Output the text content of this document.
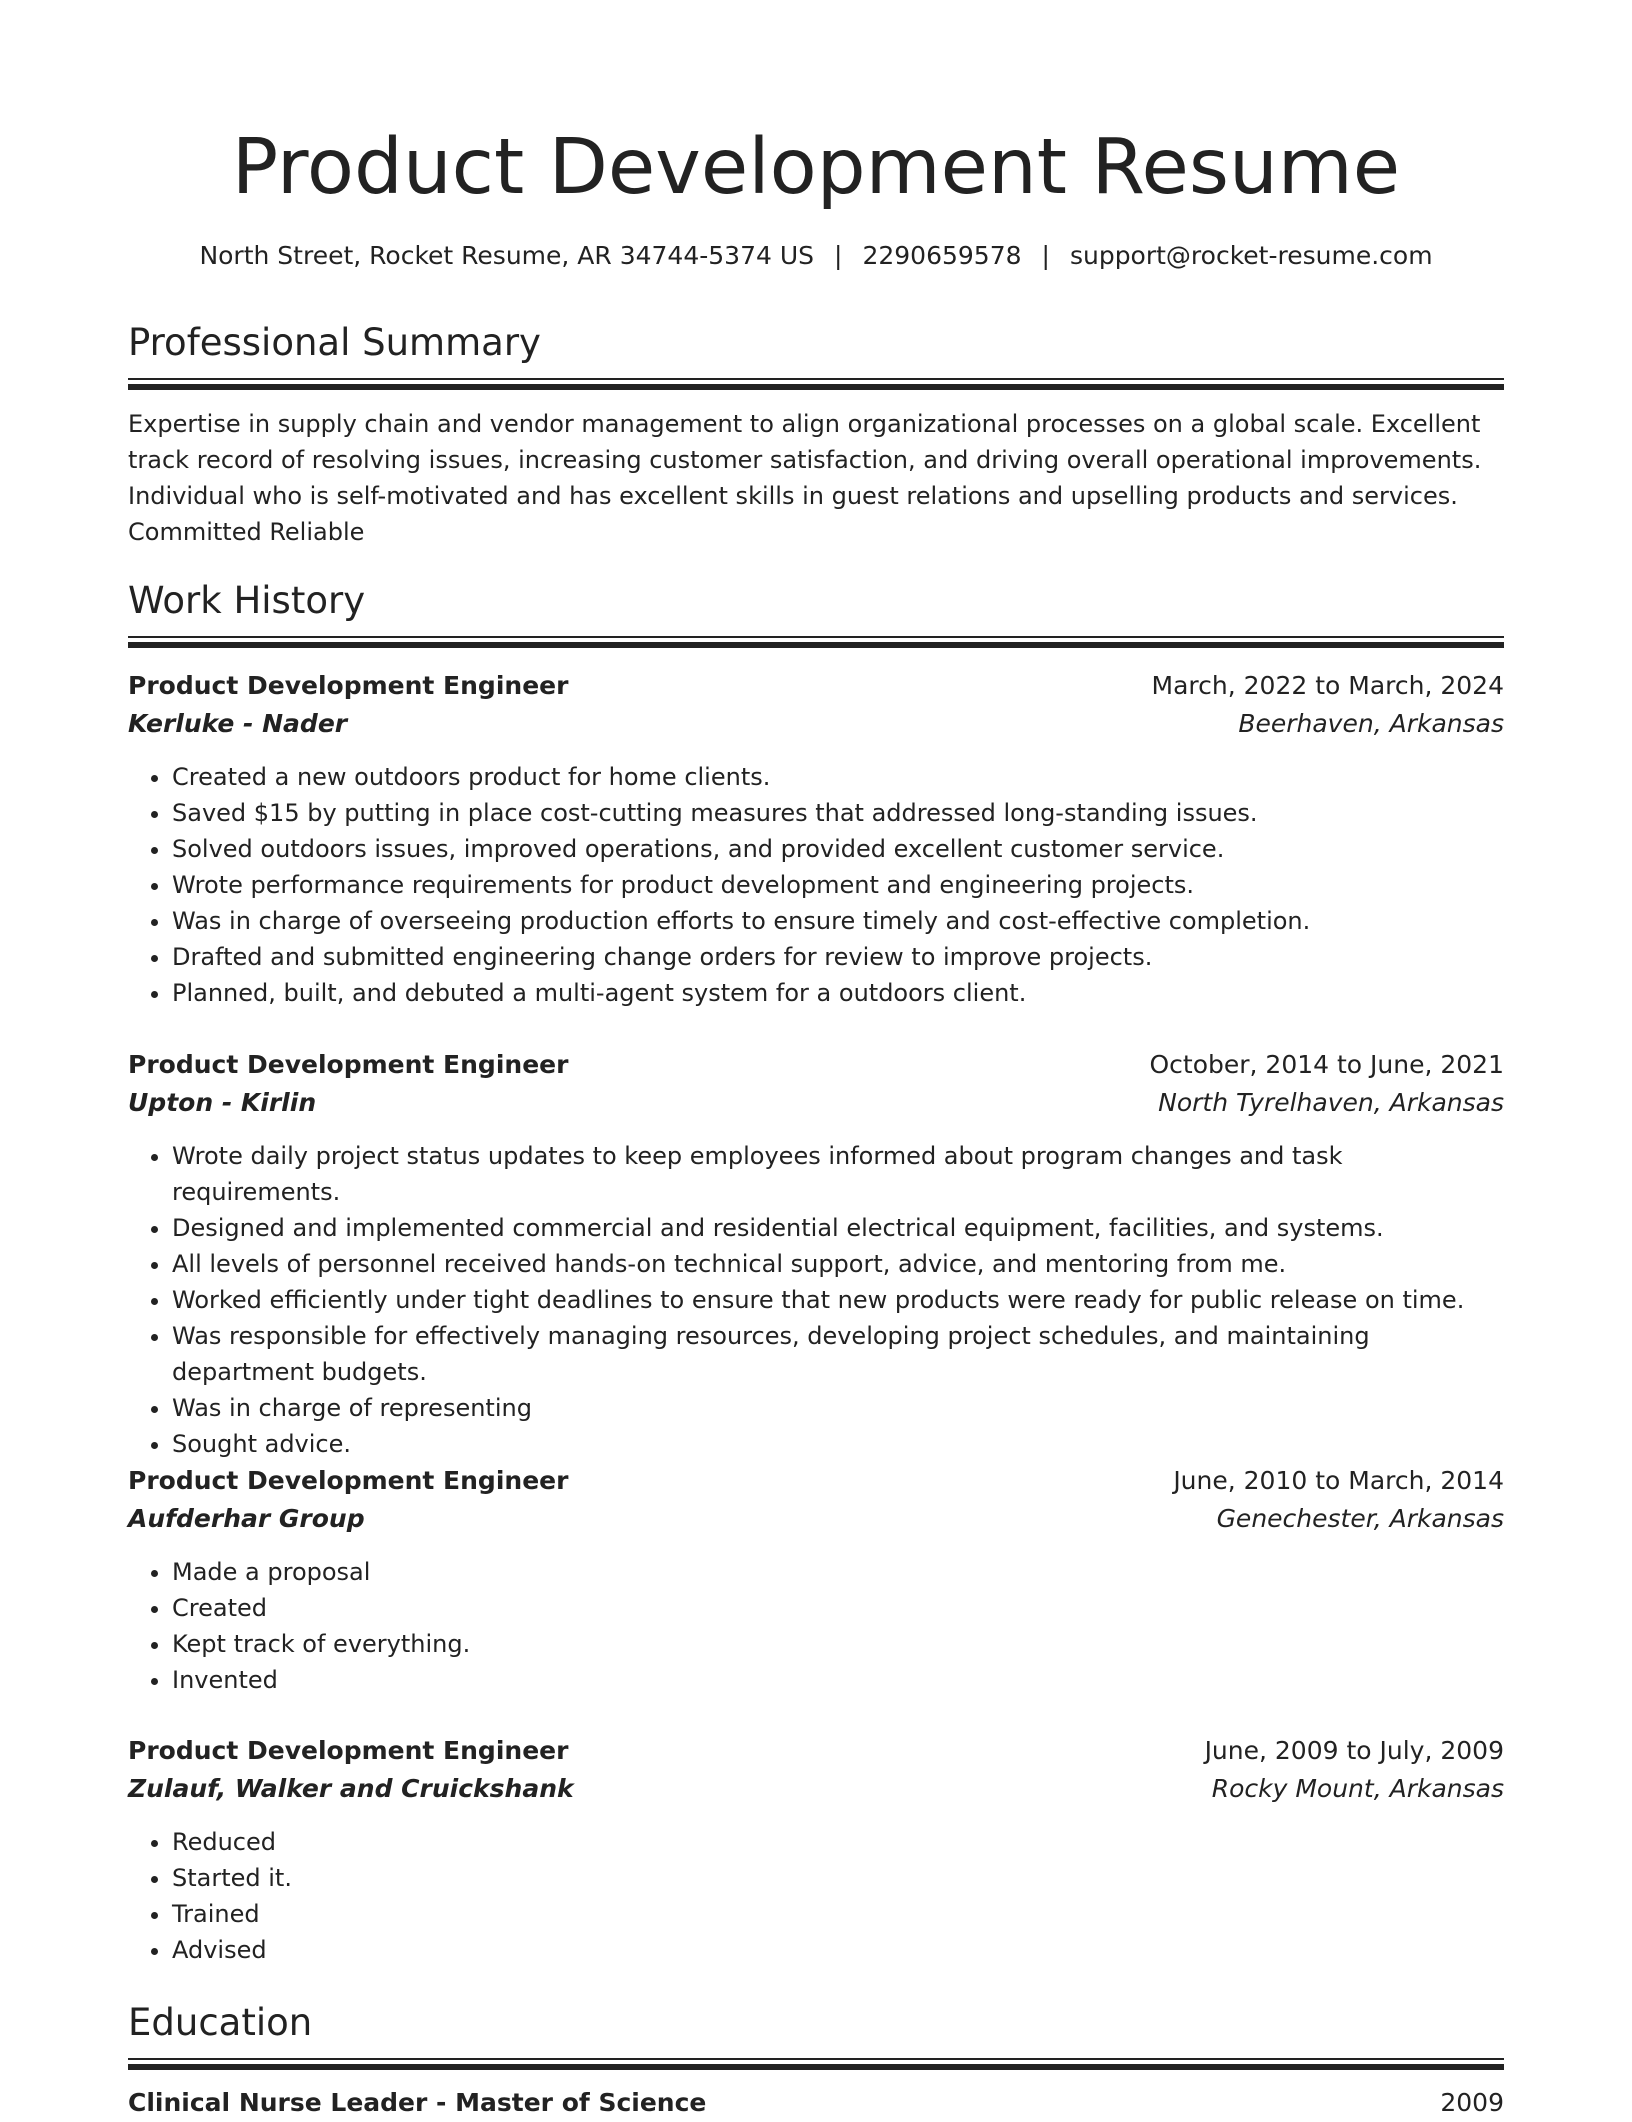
Product Development Resume
North Street, Rocket Resume, AR 34744-5374 US | 2290659578 | support@rocket-resume.com
Professional Summary

Expertise in supply chain and vendor management to align organizational processes on a global scale. Excellent track record of resolving issues, increasing customer satisfaction, and driving overall operational improvements. Individual who is self-motivated and has excellent skills in guest relations and upselling products and services. Committed Reliable

Work History
Product Development Engineer	March, 2022 to March, 2024
Kerluke - Nader	Beerhaven, Arkansas
• Created a new outdoors product for home clients.
• Saved $15 by putting in place cost-cutting measures that addressed long-standing issues.
• Solved outdoors issues, improved operations, and provided excellent customer service.
• Wrote performance requirements for product development and engineering projects.
• Was in charge of overseeing production efforts to ensure timely and cost-effective completion.
• Drafted and submitted engineering change orders for review to improve projects.
• Planned, built, and debuted a multi-agent system for a outdoors client.
Product Development Engineer	October, 2014 to June, 2021
Upton - Kirlin	North Tyrelhaven, Arkansas
• Wrote daily project status updates to keep employees informed about program changes and task requirements.
• Designed and implemented commercial and residential electrical equipment, facilities, and systems.
• All levels of personnel received hands-on technical support, advice, and mentoring from me.
• Worked efficiently under tight deadlines to ensure that new products were ready for public release on time.
• Was responsible for effectively managing resources, developing project schedules, and maintaining department budgets.
• Was in charge of representing
• Sought advice.
Product Development Engineer	June, 2010 to March, 2014
Aufderhar Group	Genechester, Arkansas
• Made a proposal
• Created
• Kept track of everything.
• Invented
Product Development Engineer	June, 2009 to July, 2009
Zulauf, Walker and Cruickshank	Rocky Mount, Arkansas
• Reduced
• Started it.
• Trained
• Advised
Education
Clinical Nurse Leader - Master of Science	2009
